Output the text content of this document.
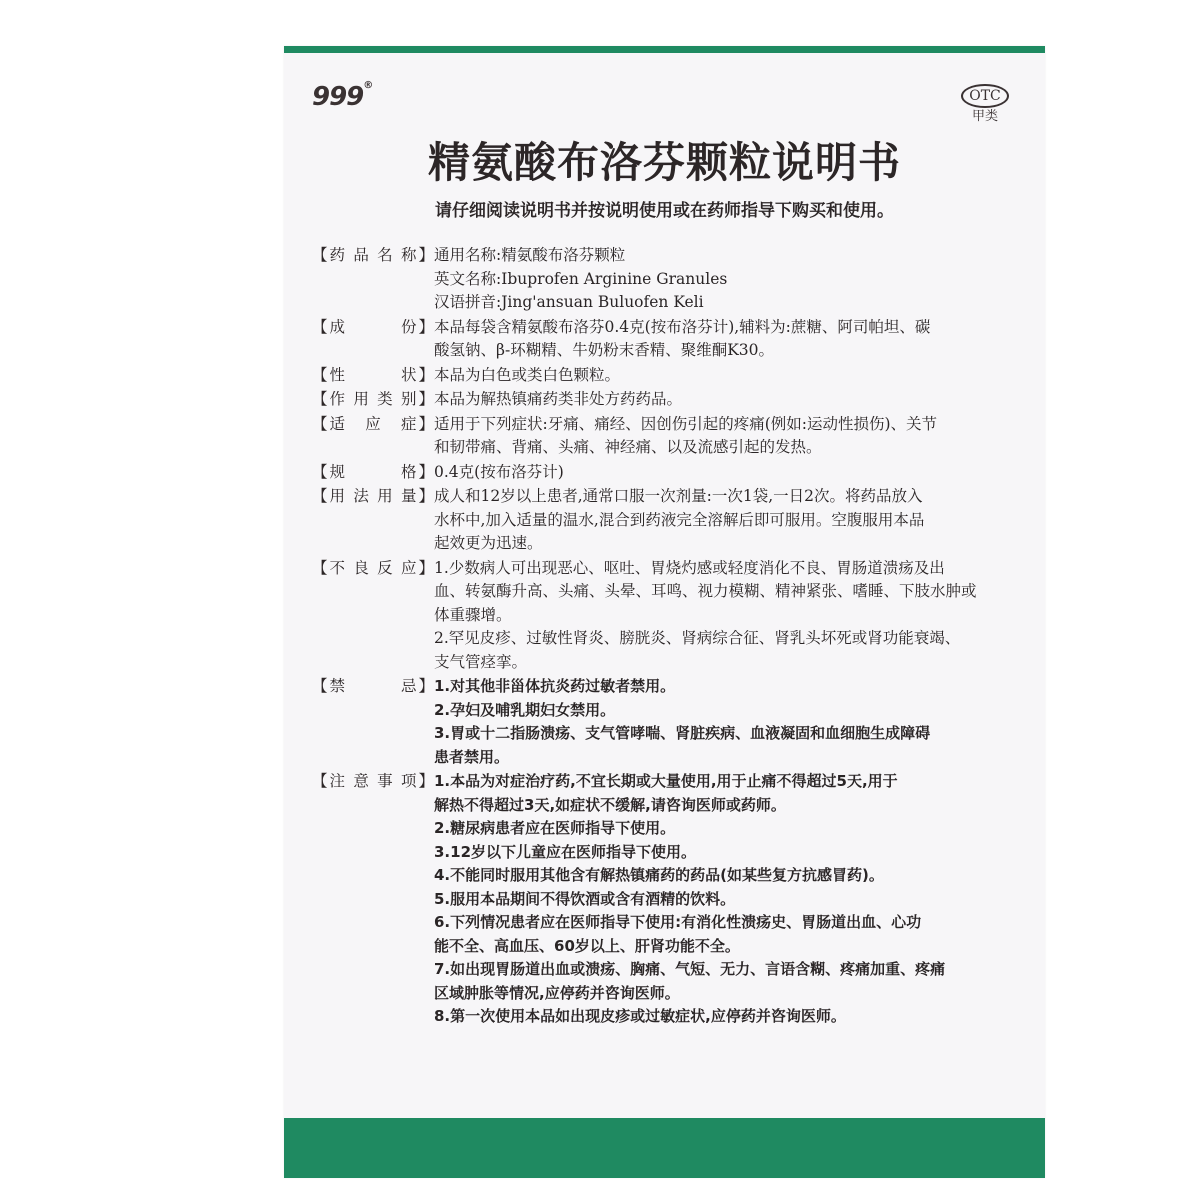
999®
OTC
甲类
精氨酸布洛芬颗粒说明书
请仔细阅读说明书并按说明使用或在药师指导下购买和使用。
【 药 品 名 称 】 通用名称:精氨酸布洛芬颗粒
英文名称:Ibuprofen Arginine Granules
汉语拼音:Jing'ansuan Buluofen Keli
【 成	份 】 本品每袋含精氨酸布洛芬0.4克(按布洛芬计),辅料为:蔗糖、阿司帕坦、碳
酸氢钠、β-环糊精、牛奶粉末香精、聚维酮K30。
【 性	状 】 本品为白色或类白色颗粒。
【 作 用 类 别 】 本品为解热镇痛药类非处方药药品。
【 适 应 症 】 适用于下列症状:牙痛、痛经、因创伤引起的疼痛(例如:运动性损伤)、关节
和韧带痛、背痛、头痛、神经痛、以及流感引起的发热。
【 规	格 】 0.4克(按布洛芬计)
【 用 法 用 量 】 成人和12岁以上患者,通常口服一次剂量:一次1袋,一日2次。将药品放入
水杯中,加入适量的温水,混合到药液完全溶解后即可服用。空腹服用本品
起效更为迅速。
【 不 良 反 应 】 1.少数病人可出现恶心、呕吐、胃烧灼感或轻度消化不良、胃肠道溃疡及出
血、转氨酶升高、头痛、头晕、耳鸣、视力模糊、精神紧张、嗜睡、下肢水肿或
体重骤增。
2.罕见皮疹、过敏性肾炎、膀胱炎、肾病综合征、肾乳头坏死或肾功能衰竭、
支气管痉挛。
【 禁	忌 】 1.对其他非甾体抗炎药过敏者禁用。
2.孕妇及哺乳期妇女禁用。
3.胃或十二指肠溃疡、支气管哮喘、肾脏疾病、血液凝固和血细胞生成障碍
患者禁用。
【 注 意 事 项 】 1.本品为对症治疗药,不宜长期或大量使用,用于止痛不得超过5天,用于
解热不得超过3天,如症状不缓解,请咨询医师或药师。
2.糖尿病患者应在医师指导下使用。
3.12岁以下儿童应在医师指导下使用。
4.不能同时服用其他含有解热镇痛药的药品(如某些复方抗感冒药)。
5.服用本品期间不得饮酒或含有酒精的饮料。
6.下列情况患者应在医师指导下使用:有消化性溃疡史、胃肠道出血、心功
能不全、高血压、60岁以上、肝肾功能不全。
7.如出现胃肠道出血或溃疡、胸痛、气短、无力、言语含糊、疼痛加重、疼痛
区域肿胀等情况,应停药并咨询医师。
8.第一次使用本品如出现皮疹或过敏症状,应停药并咨询医师。
